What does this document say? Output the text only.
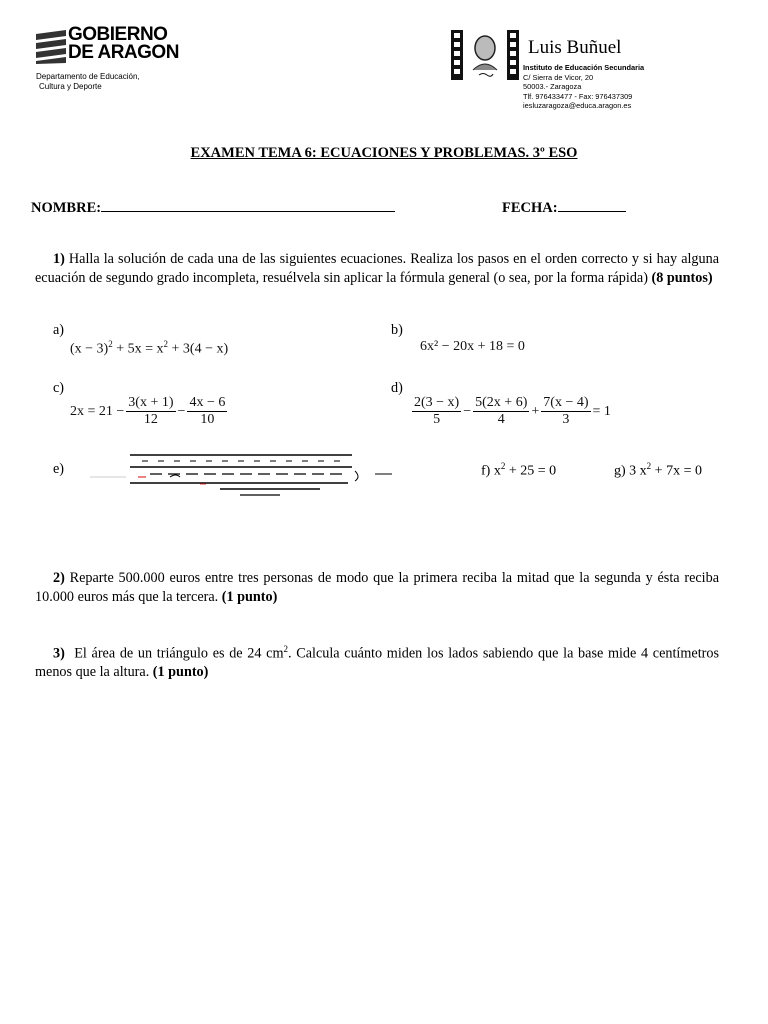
GOBIERNO
DE ARAGON
Departamento de Educación,
Cultura y Deporte
Luis Buñuel
Instituto de Educación Secundaria
C/ Sierra de Vicor, 20
50003.- Zaragoza
Tlf. 976433477 - Fax: 976437309
iesluzaragoza@educa.aragon.es
EXAMEN TEMA 6: ECUACIONES Y PROBLEMAS. 3º ESO
NOMBRE:	FECHA:
1) Halla la solución de cada una de las siguientes ecuaciones. Realiza los pasos en el orden correcto y si hay alguna ecuación de segundo grado incompleta, resuélvela sin aplicar la fórmula general (o sea, por la forma rápida) (8 puntos)
a)
$(x - 3)^2 + 5x = x^2 + 3(4 - x)$
b)
6x² − 20x + 18 = 0
c)
$2x = 21 - \frac{3(x + 1)}{12} - \frac{4x - 6}{10}$
d)
$\frac{2(3 - x)}{5} - \frac{5(2x + 6)}{4} + \frac{7(x - 4)}{3} = 1$
e)	f) $x^2 + 25 = 0$	g) 3 $x^2 + 7x = 0$
2) Reparte 500.000 euros entre tres personas de modo que la primera reciba la mitad que la segunda y ésta reciba 10.000 euros más que la tercera. (1 punto)
3) El área de un triángulo es de 24 $cm^2$. Calcula cuánto miden los lados sabiendo que la base mide 4 centímetros menos que la altura. (1 punto)
